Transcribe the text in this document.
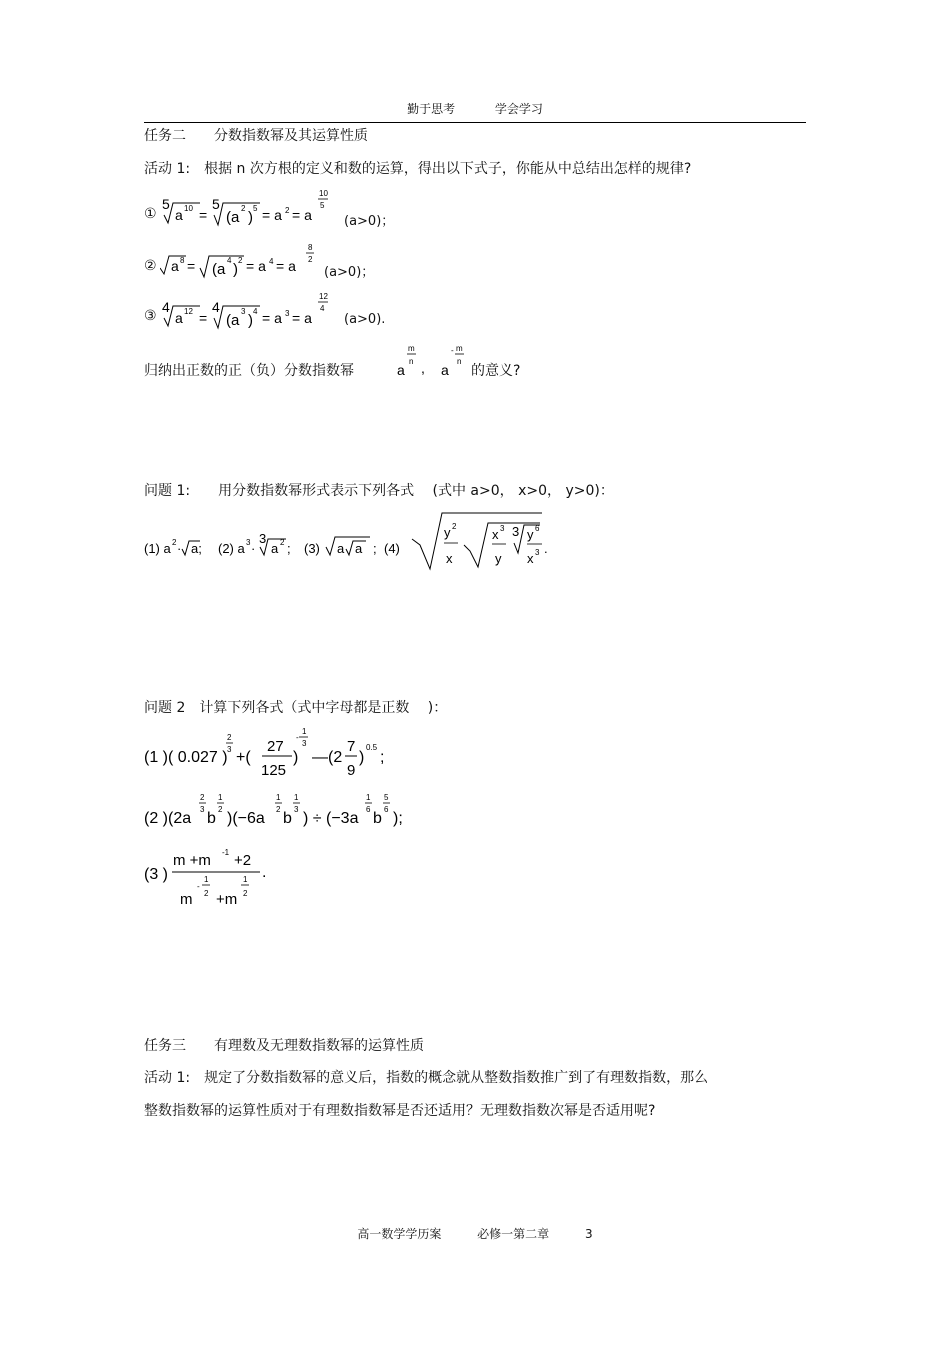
勤于思考	学会学习
任务二　　分数指数幂及其运算性质
活动 1:　根据 n 次方根的定义和数的运算，得出以下式子，你能从中总结出怎样的规律?
①
5
a 10 =
5
(a
2
)
5 = a 2 = a
10
5
(a>0)；
② a 8 = (a
4
)
2 = a 4 = a
8
2
(a>0)；
③
4
a 12 =
4
(a
3
)
4 = a 3 = a
12
4
(a>0).
归纳出正数的正（负）分数指数幂	a
m
n , a
- m
n
的意义?
问题 1:　　用分数指数幂形式表示下列各式　 (式中 a>0， x>0， y>0)：
(1) a 2 · a; (2) a 3 ·
3
a 2 ; (3) a a ; (4)
y 2
x
x 3
y
3 y 6
x 3 .
问题 2　计算下列各式（式中字母都是正数　 )：
(1 )( 0.027 )
2
3 +(
27
125
)
1
3
-
—(2
7
9
)
0.5
;
(2 )(2a
2
3
b
1
2
)(−6a
1
2
b
1
3
) ÷ (−3a
1
6
b
5
6
);
(3 )
m +m -1 +2
m
1
2
-
+m
1
2
.
任务三　　有理数及无理数指数幂的运算性质
活动 1:　规定了分数指数幂的意义后，指数的概念就从整数指数推广到了有理数指数，那么
整数指数幂的运算性质对于有理数指数幂是否还适用？无理数指数次幂是否适用呢?
高一数学学历案	必修一第二章	3
